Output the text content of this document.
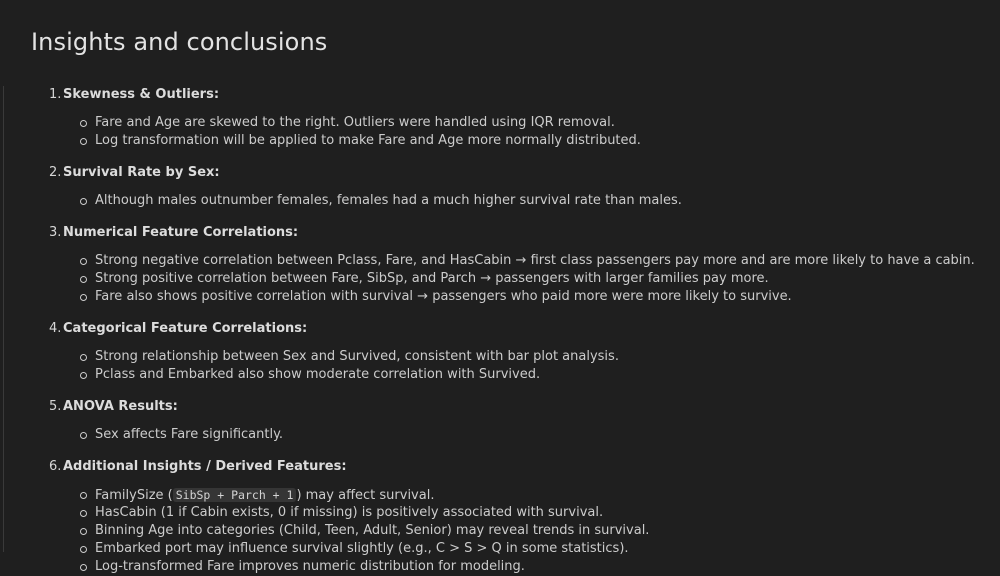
Insights and conclusions
1. Skewness & Outliers:
Fare and Age are skewed to the right. Outliers were handled using IQR removal.
Log transformation will be applied to make Fare and Age more normally distributed.
2. Survival Rate by Sex:
Although males outnumber females, females had a much higher survival rate than males.
3. Numerical Feature Correlations:
Strong negative correlation between Pclass, Fare, and HasCabin → first class passengers pay more and are more likely to have a cabin.
Strong positive correlation between Fare, SibSp, and Parch → passengers with larger families pay more.
Fare also shows positive correlation with survival → passengers who paid more were more likely to survive.
4. Categorical Feature Correlations:
Strong relationship between Sex and Survived, consistent with bar plot analysis.
Pclass and Embarked also show moderate correlation with Survived.
5. ANOVA Results:
Sex affects Fare significantly.
6. Additional Insights / Derived Features:
FamilySize ( SibSp + Parch + 1 ) may affect survival.
HasCabin (1 if Cabin exists, 0 if missing) is positively associated with survival.
Binning Age into categories (Child, Teen, Adult, Senior) may reveal trends in survival.
Embarked port may influence survival slightly (e.g., C > S > Q in some statistics).
Log-transformed Fare improves numeric distribution for modeling.
